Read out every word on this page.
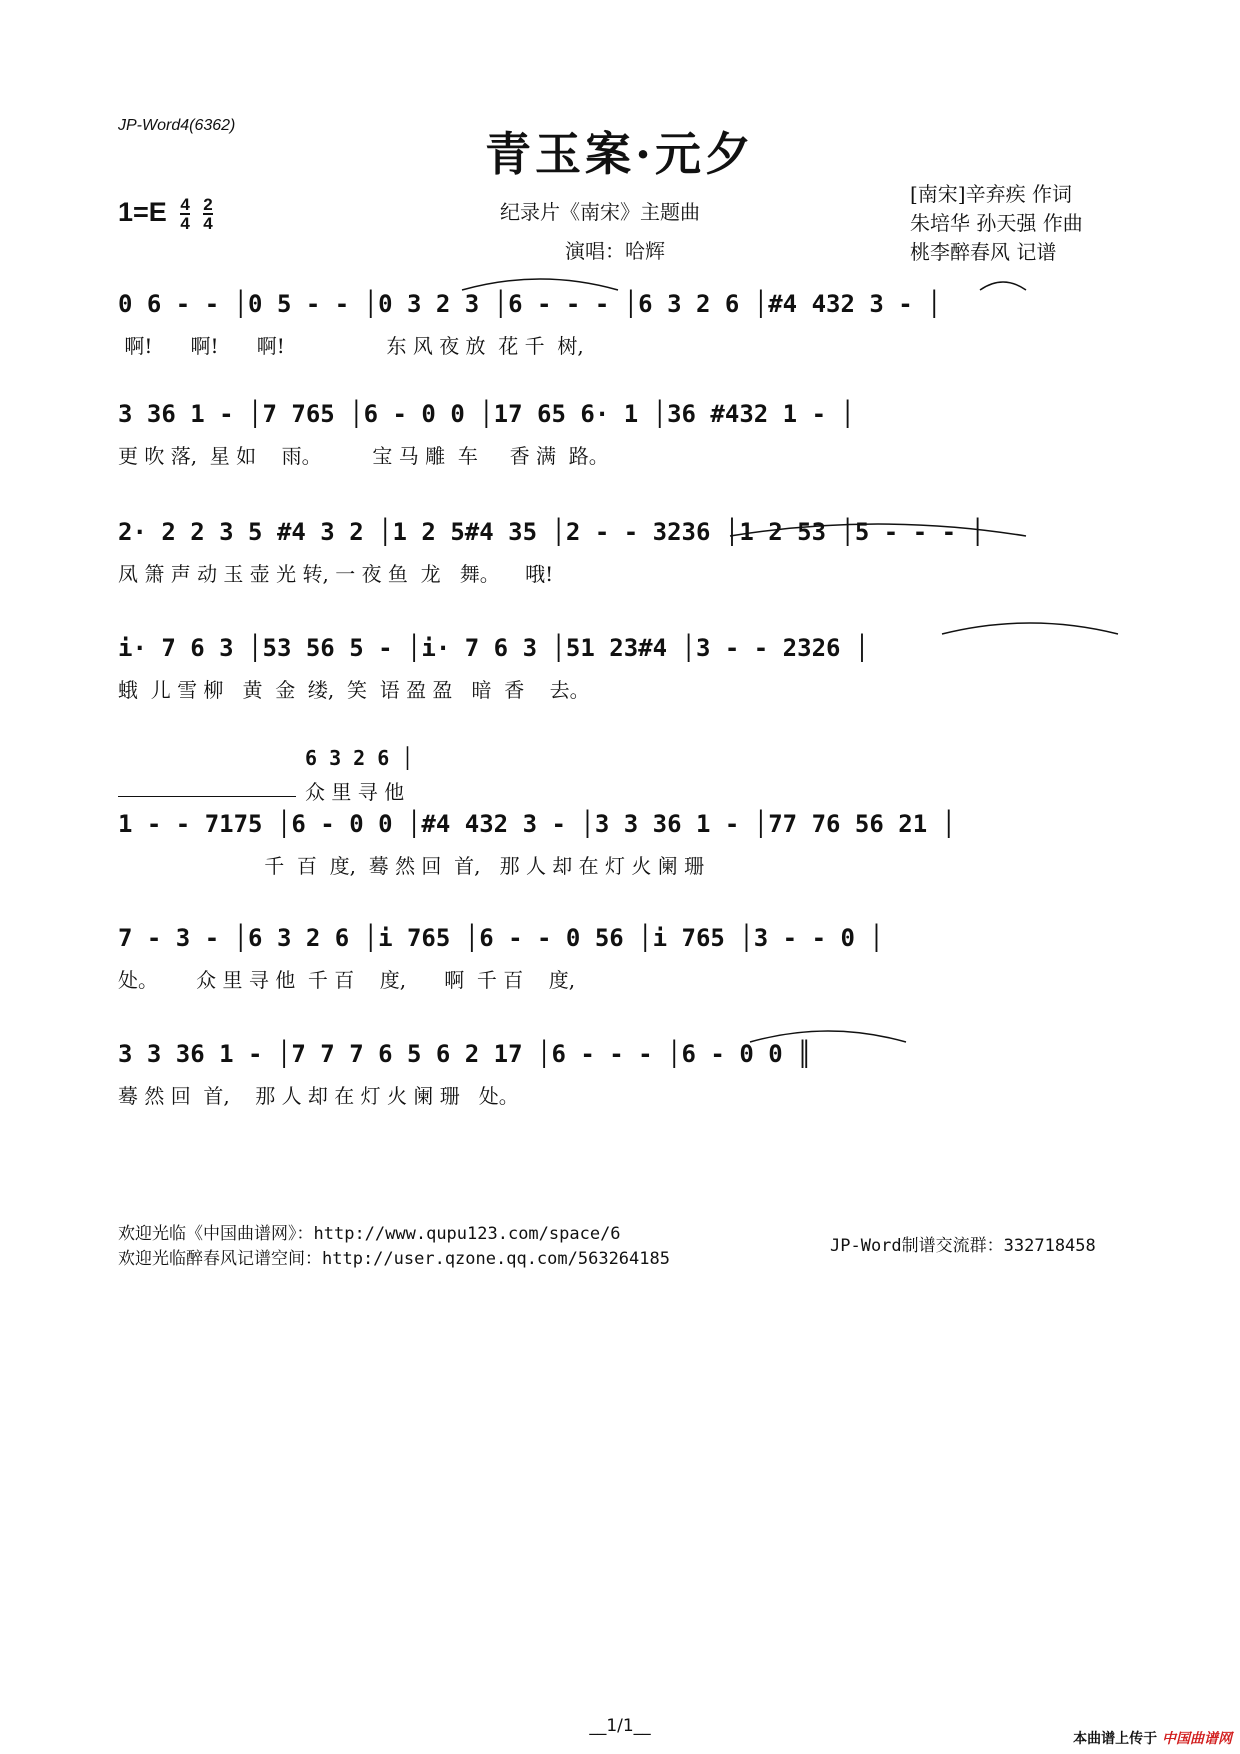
JP-Word4(6362)
青玉案·元夕
$1=E \frac{4}{4}$
$\frac{2}{4}$	纪录片《南宋》主题曲
演唱：哈辉
[南宋]辛弃疾 作词
朱培华 孙天强 作曲
桃李醉春风 记谱
0 6 - - │0 5 - - │0 3 2 3 │6 - - - │6 3 2 6 │#4 432 3 - │
啊!      啊!      啊!                东 风 夜 放  花 千  树,
3 36 1 - │7 765 │6 - 0 0 │17 65 6· 1 │36 #432 1 - │
更 吹 落,  星 如    雨。        宝 马 雕  车     香 满  路。
2· 2 2 3 5 #4 3 2 │1 2 5#4 35 │2 - - 3236 │1 2 53 │5 - - - │
凤 箫 声 动 玉 壶 光 转, 一 夜 鱼  龙   舞。    哦!
i· 7 6 3 │53 56 5 - │i· 7 6 3 │51 23#4 │3 - - 2326 │
蛾  儿 雪 柳   黄  金  缕,  笑  语 盈 盈   暗  香    去。
6 3 2 6 │
众 里 寻 他
1 - - 7175 │6 - 0 0 │#4 432 3 - │3 3 36 1 - │77 76 56 21 │
千  百  度,  蓦 然 回  首,   那 人 却 在 灯 火 阑 珊
7 - 3 - │6 3 2 6 │i 765 │6 - - 0 56 │i 765 │3 - - 0 │
处。      众 里 寻 他  千 百    度,      啊  千 百    度,
3 3 36 1 - │7 7 7 6 5 6 2 17 │6 - - - │6 - 0 0 ║
蓦 然 回  首,    那 人 却 在 灯 火 阑 珊   处。
欢迎光临《中国曲谱网》：http://www.qupu123.com/space/6
欢迎光临醉春风记谱空间：http://user.qzone.qq.com/563264185
JP-Word制谱交流群：332718458
__1/1__
本曲谱上传于 中国曲谱网
